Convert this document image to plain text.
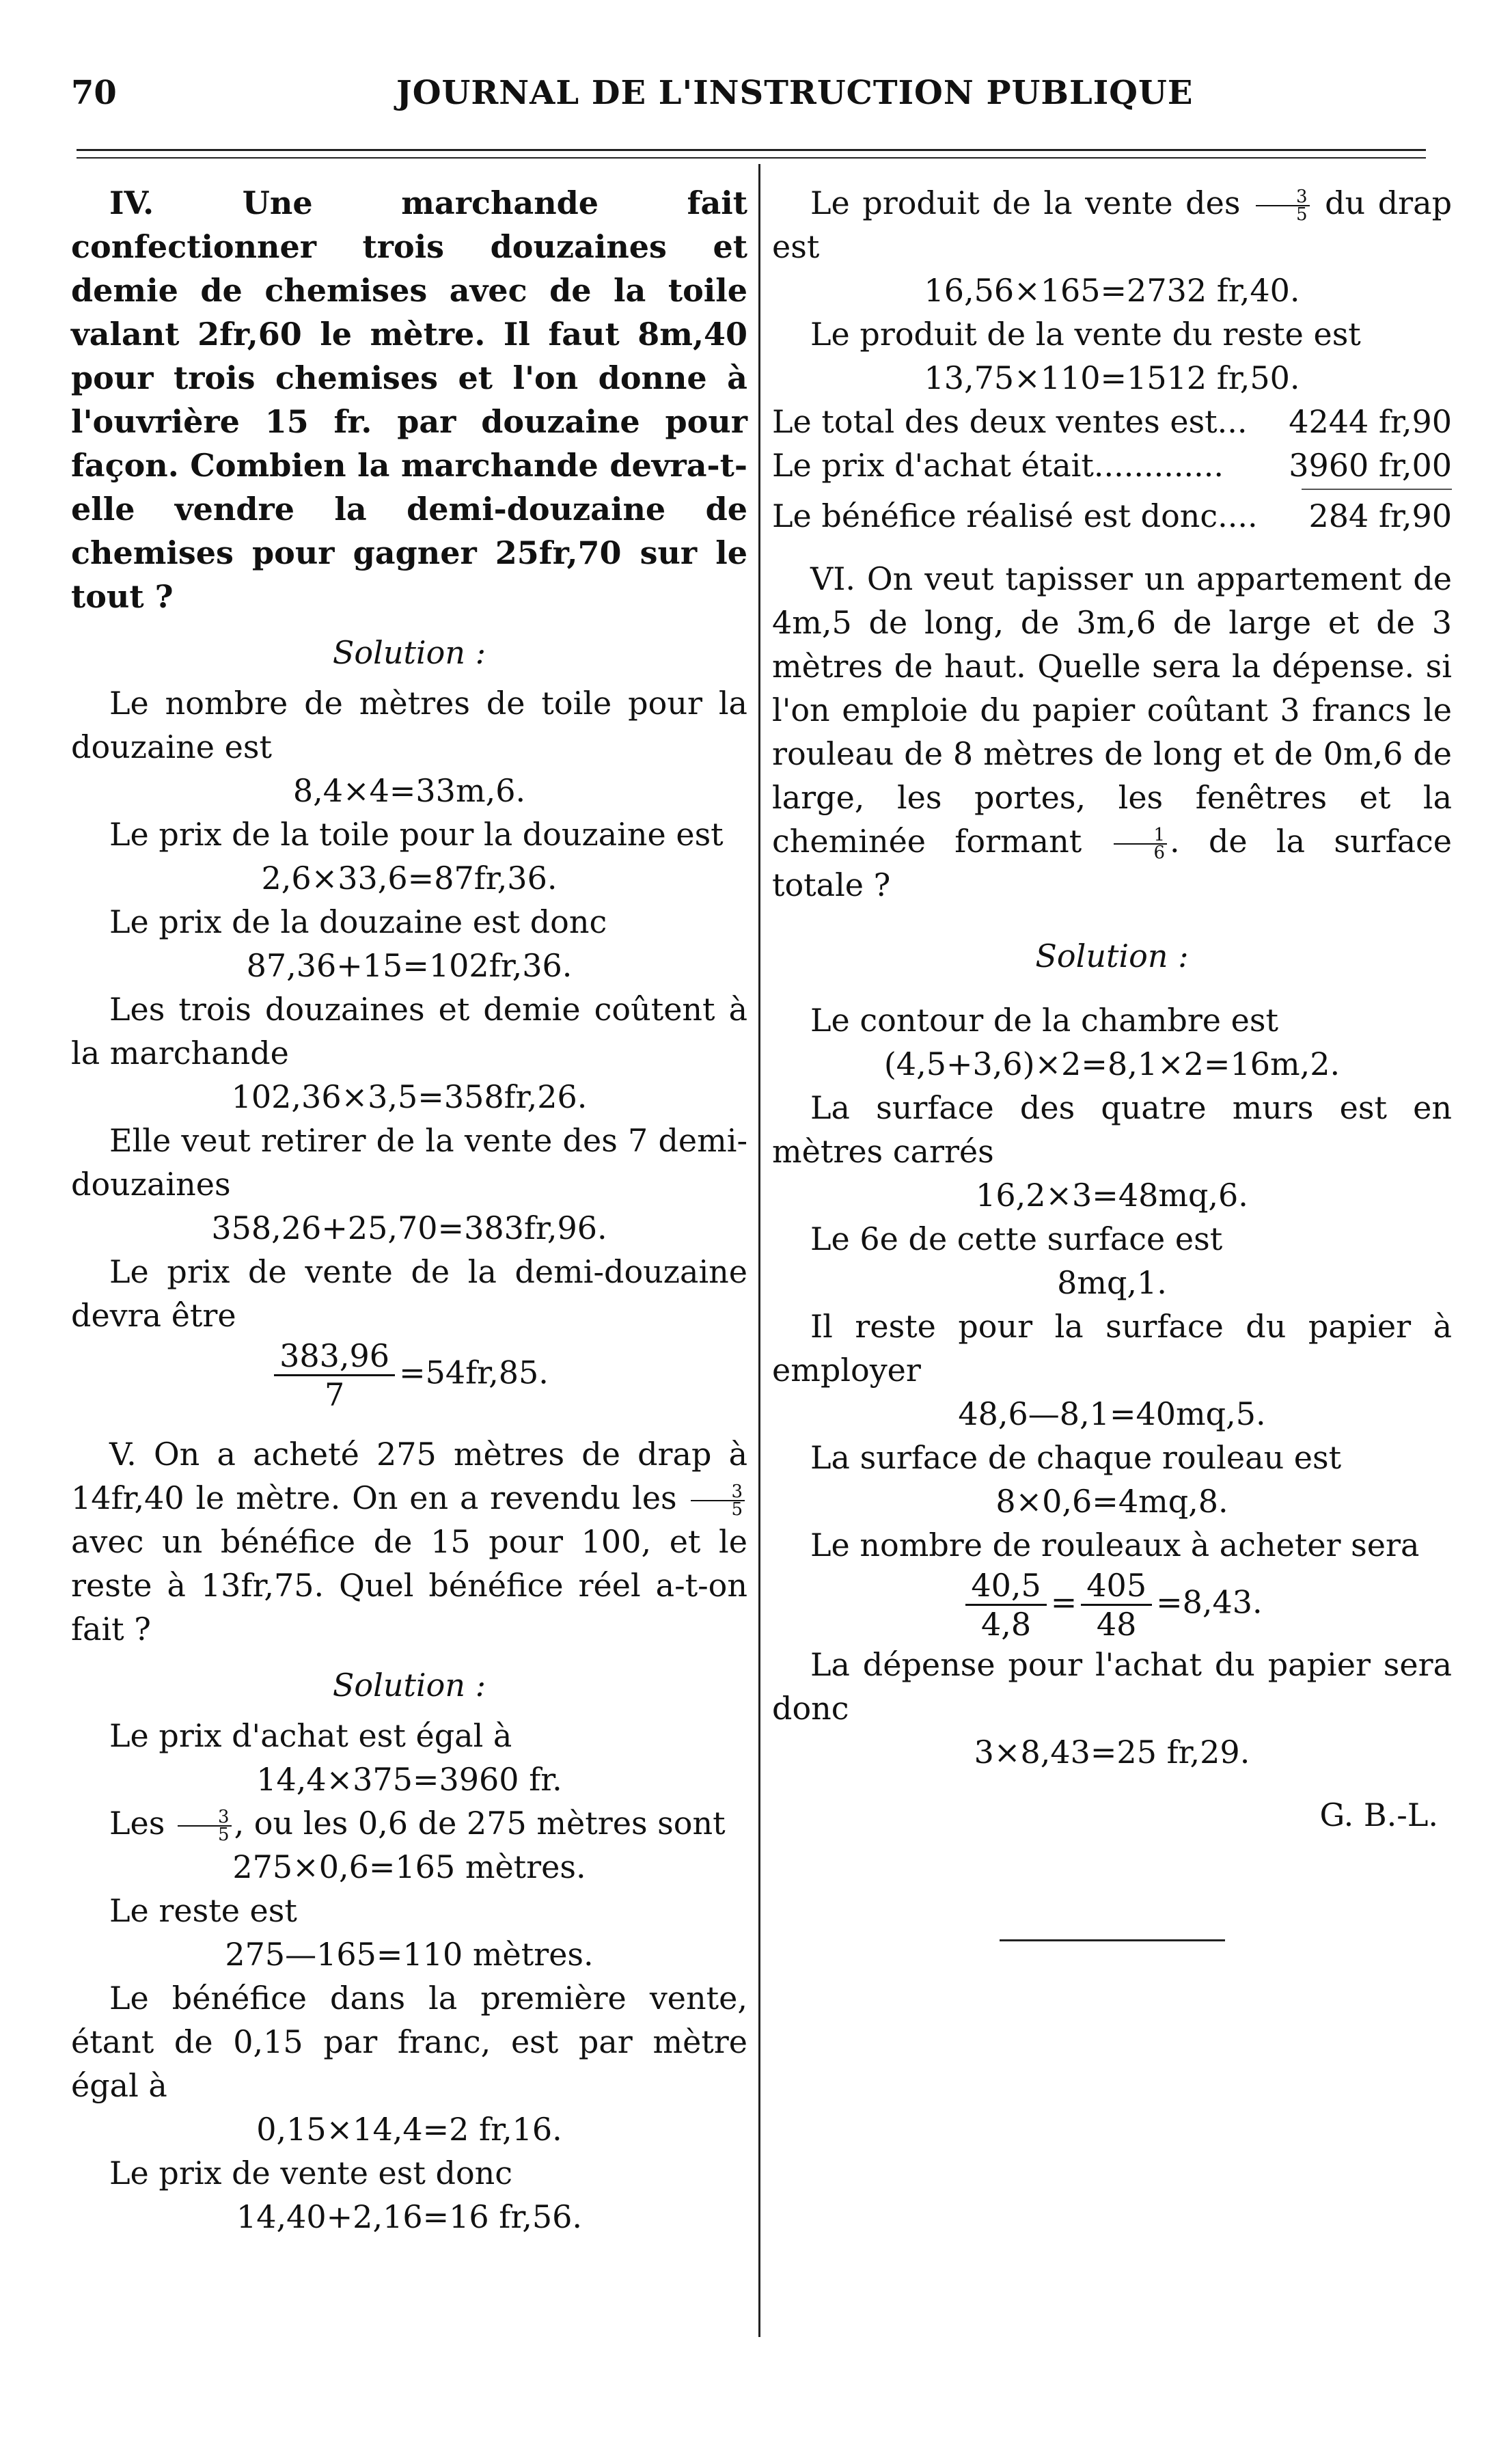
70	JOURNAL DE L'INSTRUCTION PUBLIQUE

IV. Une marchande fait confectionner trois douzaines et demie de chemises avec de la toile valant 2fr,60 le mètre. Il faut 8m,40 pour trois chemises et l'on donne à l'ouvrière 15 fr. par douzaine pour façon. Combien la marchande devra-t-elle vendre la demi-douzaine de chemises pour gagner 25fr,70 sur le tout ?

Solution :

Le nombre de mètres de toile pour la douzaine est

8,4×4=33m,6.

Le prix de la toile pour la douzaine est

2,6×33,6=87fr,36.

Le prix de la douzaine est donc

87,36+15=102fr,36.

Les trois douzaines et demie coûtent à la marchande

102,36×3,5=358fr,26.

Elle veut retirer de la vente des 7 demi-douzaines

358,26+25,70=383fr,96.

Le prix de vente de la demi-douzaine devra être

$\frac{383,96}{7} =54fr,85$.

V. On a acheté 275 mètres de drap à 14fr,40 le mètre. On en a revendu les $\frac{3}{5}$
avec un bénéfice de 15 pour 100, et le reste à 13fr,75. Quel bénéfice réel a-t-on fait ?

Solution :

Le prix d'achat est égal à

14,4×375=3960 fr.

Les $\frac{3}{5}$ , ou les 0,6 de 275 mètres sont

275×0,6=165 mètres.

Le reste est

275—165=110 mètres.

Le bénéfice dans la première vente, étant de 0,15 par franc, est par mètre égal à

0,15×14,4=2 fr,16.

Le prix de vente est donc

14,40+2,16=16 fr,56.

Le produit de la vente des $\frac{3}{5}$ du drap est

16,56×165=2732 fr,40.

Le produit de la vente du reste est

13,75×110=1512 fr,50.

Le total des deux ventes est... 4244 fr,90
Le prix d'achat était............. 3960 fr,00
Le bénéfice réalisé est donc.... 284 fr,90

VI. On veut tapisser un appartement de 4m,5 de long, de 3m,6 de large et de 3 mètres de haut. Quelle sera la dépense. si l'on emploie du papier coûtant 3 francs le rouleau de 8 mètres de long et de 0m,6 de large, les portes, les fenêtres et la cheminée formant $\frac{1}{6}$ . de la surface totale ?

Solution :

Le contour de la chambre est

(4,5+3,6)×2=8,1×2=16m,2.

La surface des quatre murs est en mètres carrés

16,2×3=48mq,6.

Le 6e de cette surface est

8mq,1.

Il reste pour la surface du papier à employer

48,6—8,1=40mq,5.

La surface de chaque rouleau est

8×0,6=4mq,8.

Le nombre de rouleaux à acheter sera

$\frac{40,5}{4,8} = \frac{405}{48} =8,43$.

La dépense pour l'achat du papier sera donc

3×8,43=25 fr,29.

G. B.-L.
